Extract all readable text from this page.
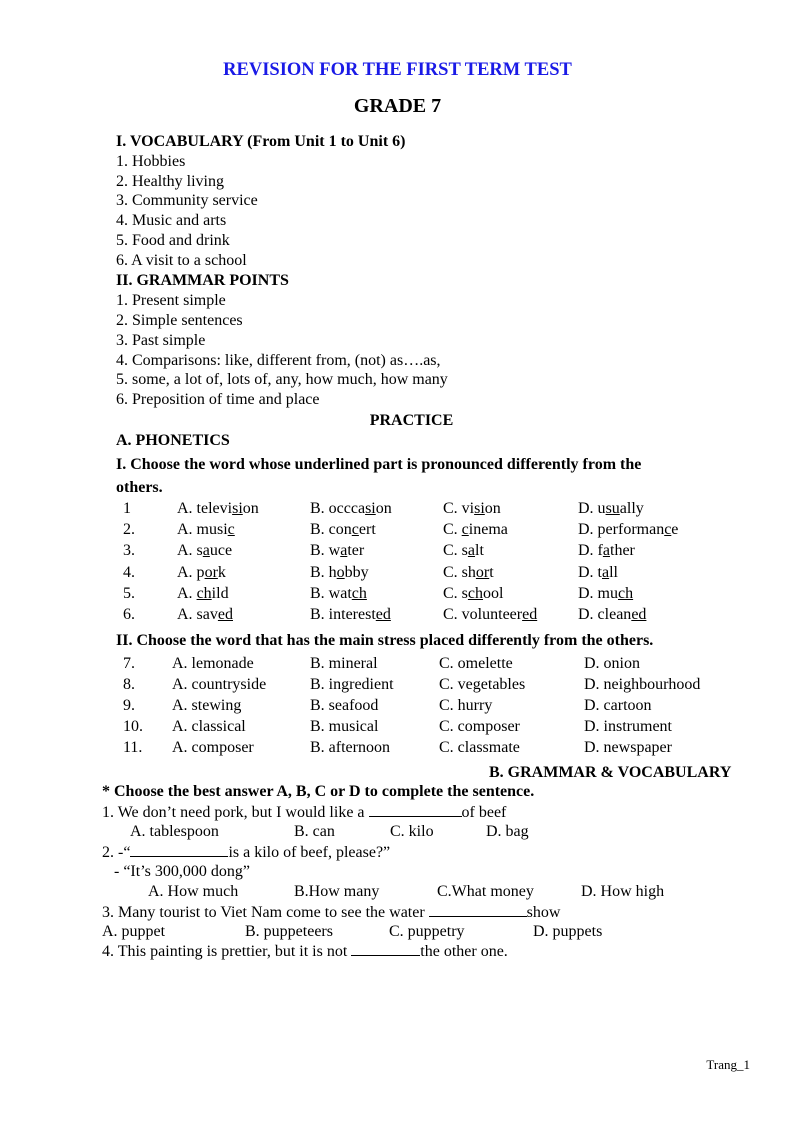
REVISION FOR THE FIRST TERM TEST
GRADE 7
I. VOCABULARY (From Unit 1 to Unit 6)
1. Hobbies
2. Healthy living
3. Community service
4. Music and arts
5. Food and drink
6. A visit to a school
II. GRAMMAR POINTS
1. Present simple
2. Simple sentences
3. Past simple
4. Comparisons: like, different from, (not) as….as,
5. some, a lot of, lots of, any, how much, how many
6. Preposition of time and place
PRACTICE
A. PHONETICS
I. Choose the word whose underlined part is pronounced differently from the
others.
1	A. television	B. occcasion	C. vision	D. usually
2.	A. music	B. concert	C. cinema	D. performance
3.	A. sauce	B. water	C. salt	D. father
4.	A. pork	B. hobby	C. short	D. tall
5.	A. child	B. watch	C. school	D. much
6.	A. saved	B. interested	C. volunteered	D. cleaned
II. Choose the word that has the main stress placed differently from the others.
7. A. lemonade	B. mineral	C. omelette	D. onion
8. A. countryside	B. ingredient	C. vegetables	D. neighbourhood
9. A. stewing	B. seafood	C. hurry	D. cartoon
10. A. classical	B. musical	C. composer	D. instrument
11. A. composer	B. afternoon	C. classmate	D. newspaper
B. GRAMMAR & VOCABULARY
* Choose the best answer A, B, C or D to complete the sentence.
1. We don’t need pork, but I would like a	of beef
A. tablespoon	B. can	C. kilo	D. bag
2. -“	is a kilo of beef, please?”
- “It’s 300,000 dong”
A. How much	B.How many	C.What money	D. How high
3. Many tourist to Viet Nam come to see the water	show
A. puppet	B. puppeteers	C. puppetry	D. puppets
4. This painting is prettier, but it is not	the other one.
Trang_1
